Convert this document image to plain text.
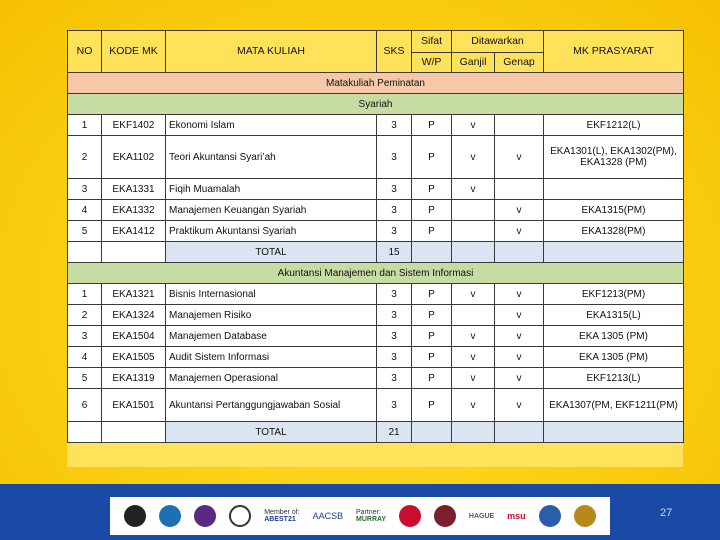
NO	KODE MK	MATA KULIAH	SKS	Sifat	Ditawarkan		MK PRASYARAT
				W/P	Ganjil	Genap	
Matakuliah Peminatan							
Syariah							
1	EKF1402	Ekonomi Islam	3	P	v		EKF1212(L)
2	EKA1102	Teori Akuntansi Syari’ah	3	P	v	v	EKA1301(L), EKA1302(PM), EKA1328 (PM)
3	EKA1331	Fiqih Muamalah	3	P	v		
4	EKA1332	Manajemen Keuangan Syariah	3	P		v	EKA1315(PM)
5	EKA1412	Praktikum Akuntansi Syariah	3	P		v	EKA1328(PM)
		TOTAL	15				
Akuntansi Manajemen dan Sistem Informasi							
1	EKA1321	Bisnis Internasional	3	P	v	v	EKF1213(PM)
2	EKA1324	Manajemen Risiko	3	P		v	EKA1315(L)
3	EKA1504	Manajemen Database	3	P	v	v	EKA 1305 (PM)
4	EKA1505	Audit Sistem Informasi	3	P	v	v	EKA 1305 (PM)
5	EKA1319	Manajemen Operasional	3	P	v	v	EKF1213(L)
6	EKA1501	Akuntansi Pertanggungjawaban Sosial	3	P	v	v	EKA1307(PM, EKF1211(PM)
		TOTAL	21				
Member of:
ABEST21 AACSB Partner:
MURRAY	HAGUE msu	27
